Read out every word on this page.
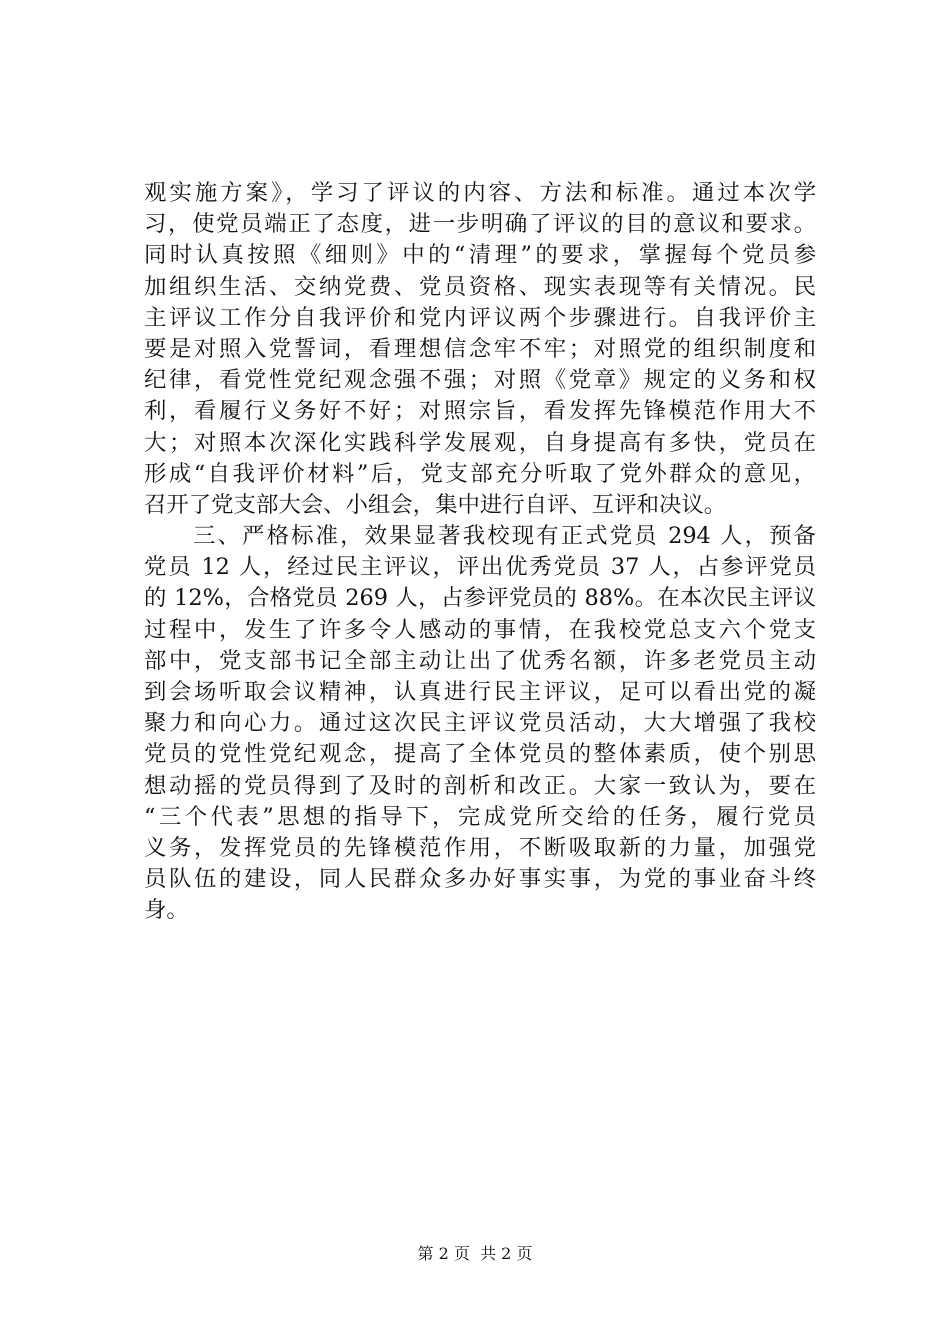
观实施方案》，学习了评议的内容、方法和标准。通过本次学
习，使党员端正了态度，进一步明确了评议的目的意议和要求。
同时认真按照《细则》中的“清理”的要求，掌握每个党员参
加组织生活、交纳党费、党员资格、现实表现等有关情况。民
主评议工作分自我评价和党内评议两个步骤进行。自我评价主
要是对照入党誓词，看理想信念牢不牢；对照党的组织制度和
纪律，看党性党纪观念强不强；对照《党章》规定的义务和权
利，看履行义务好不好；对照宗旨，看发挥先锋模范作用大不
大；对照本次深化实践科学发展观，自身提高有多快，党员在
形成“自我评价材料”后，党支部充分听取了党外群众的意见，
召开了党支部大会、小组会，集中进行自评、互评和决议。
　　三、严格标准，效果显著我校现有正式党员 294 人，预备
党员 12 人，经过民主评议，评出优秀党员 37 人，占参评党员
的 12%，合格党员 269 人，占参评党员的 88%。在本次民主评议
过程中，发生了许多令人感动的事情，在我校党总支六个党支
部中，党支部书记全部主动让出了优秀名额，许多老党员主动
到会场听取会议精神，认真进行民主评议，足可以看出党的凝
聚力和向心力。通过这次民主评议党员活动，大大增强了我校
党员的党性党纪观念，提高了全体党员的整体素质，使个别思
想动摇的党员得到了及时的剖析和改正。大家一致认为，要在
“三个代表”思想的指导下，完成党所交给的任务，履行党员
义务，发挥党员的先锋模范作用，不断吸取新的力量，加强党
员队伍的建设，同人民群众多办好事实事，为党的事业奋斗终
身。
第 2 页  共 2 页
